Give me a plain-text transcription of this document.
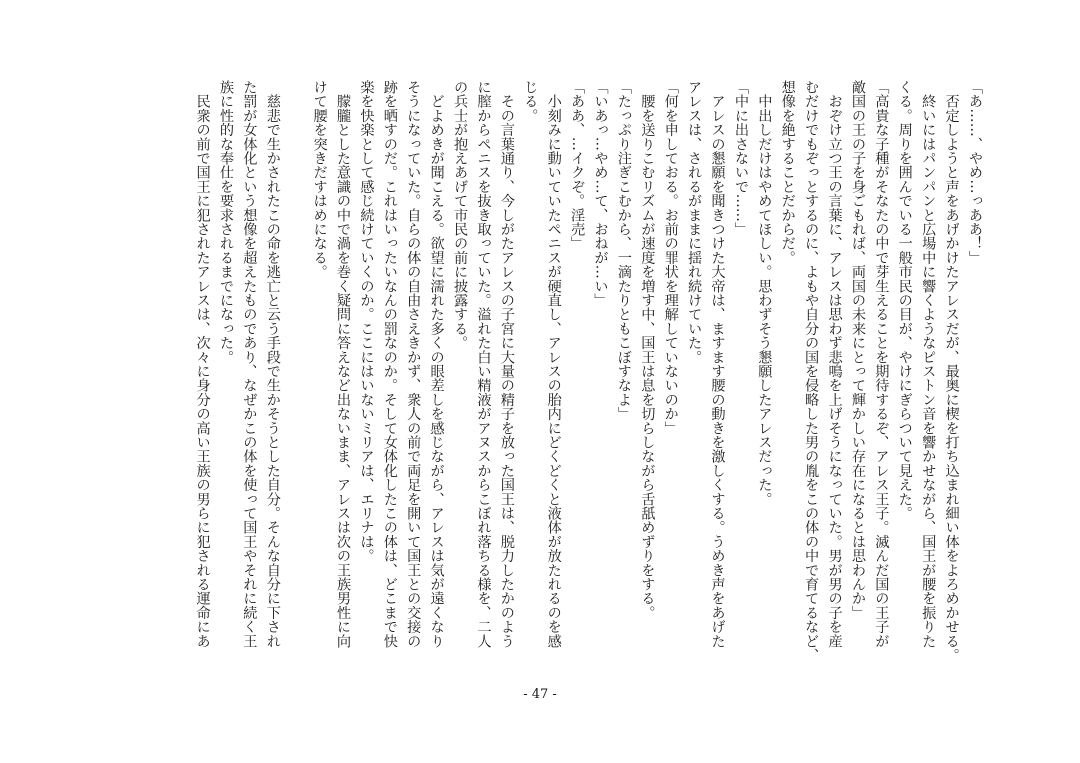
「あ……、やめ…っああ！」
　否定しようと声をあげかけたアレスだが、最奥に楔を打ち込まれ細い体をよろめかせる。
　終いにはパンパンと広場中に響くようなピストン音を響かせながら、国王が腰を振りた
くる。周りを囲んでいる一般市民の目が、やけにぎらついて見えた。
「高貴な子種がそなたの中で芽生えることを期待するぞ、アレス王子。滅んだ国の王子が
敵国の王の子を身ごもれば、両国の未来にとって輝かしい存在になるとは思わんか」
　おぞけ立つ王の言葉に、アレスは思わず悲鳴を上げそうになっていた。男が男の子を産
むだけでもぞっとするのに、よもや自分の国を侵略した男の胤をこの体の中で育てるなど、
想像を絶することだからだ。
　中出しだけはやめてほしい。思わずそう懇願したアレスだった。
「中に出さないで……」
　アレスの懇願を聞きつけた大帝は、ますます腰の動きを激しくする。うめき声をあげた
アレスは、されるがままに揺れ続けていた。
「何を申しておる。お前の罪状を理解していないのか」
　腰を送りこむリズムが速度を増す中、国王は息を切らしながら舌舐めずりをする。
「たっぷり注ぎこむから、一滴たりともこぼすなよ」
「いあっ…やめ…て、おねが…い」
「ああ、…イクぞ。淫売」
　小刻みに動いていたペニスが硬直し、アレスの胎内にどくどくと液体が放たれるのを感
じる。
　その言葉通り、今しがたアレスの子宮に大量の精子を放った国王は、脱力したかのよう
に膣からペニスを抜き取っていた。溢れた白い精液がアヌスからこぼれ落ちる様を、二人
の兵士が抱えあげて市民の前に披露する。
　どよめきが聞こえる。欲望に濡れた多くの眼差しを感じながら、アレスは気が遠くなり
そうになっていた。自らの体の自由さえきかず、衆人の前で両足を開いて国王との交接の
跡を晒すのだ。これはいったいなんの罰なのか。そして女体化したこの体は、どこまで快
楽を快楽として感じ続けていくのか。ここにはいないミリアは、エリナは。
　朦朧とした意識の中で渦を巻く疑問に答えなど出ないまま、アレスは次の王族男性に向
けて腰を突きだすはめになる。

　慈悲で生かされたこの命を逃亡と云う手段で生かそうとした自分。そんな自分に下され
た罰が女体化という想像を超えたものであり、なぜかこの体を使って国王やそれに続く王
族に性的な奉仕を要求されるまでになった。
　民衆の前で国王に犯されたアレスは、次々に身分の高い王族の男らに犯される運命にあ
- 47 -
